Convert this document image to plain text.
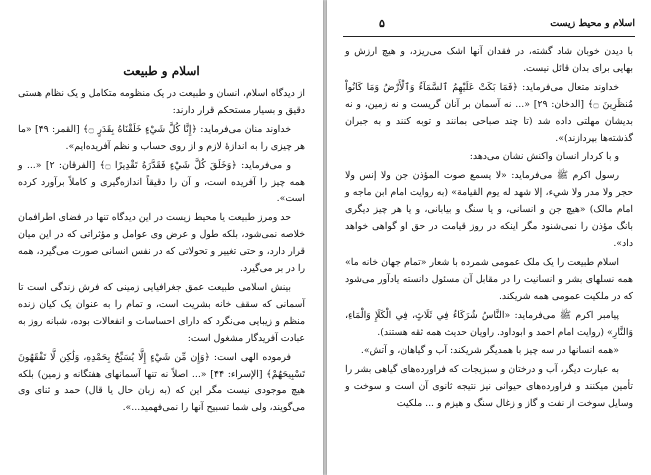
اسلام و طبیعت

از دیدگاه اسلام، انسان و طبیعت در یک منظومه متکامل و یک نظام هستی دقیق و بسیار مستحکم قرار دارند:

خداوند منان می‌فرماید: ﴿إِنَّا كُلَّ شَيْءٍ خَلَقْنَاهُ بِقَدَرٍ ۝﴾ [القمر: ۴۹] «ما هر چیزی را به اندازهٔ لازم و از روی حساب و نظم آفریده‌ایم».

و می‌فرماید: ﴿وَخَلَقَ كُلَّ شَيْءٍ فَقَدَّرَهُ تَقْدِيرًا ۝﴾ [الفرقان: ۲] «... و همه چیز را آفریده است، و آن را دقیقاً اندازه‌گیری و کاملاً برآورد کرده است».

حد ومرز طبیعت یا محیط زیست در این دیدگاه تنها در فضای اطرافمان خلاصه نمی‌شود، بلکه طول و عرض وی عوامل و مؤثراتی که در این میان قرار دارد، و حتی تغییر و تحولاتی که در نفس انسانی صورت می‌گیرد، همه را در بر می‌گیرد.

بینش اسلامی طبیعت عمق جغرافیایی زمینی که فرش زندگی است تا آسمانی که سقف خانه بشریت است، و تمام را به عنوان یک کیان زنده منظم و زیبایی می‌نگرد که دارای احساسات و انفعالات بوده، شبانه روز به عبادت آفریدگار مشغول است:

فرموده الهی است: ﴿وَإِن مِّن شَيْءٍ إِلَّا يُسَبِّحُ بِحَمْدِهِ، وَلَٰكِن لَّا تَفْقَهُونَ تَسْبِيحَهُمْ﴾ [الإسراء: ۴۴] «... اصلاً نه تنها آسمانهای هفتگانه و زمین) بلکه هیچ موجودی نیست مگر این که (به زبان حال یا قال) حمد و ثنای وی می‌گویند، ولی شما تسبیح آنها را نمی‌فهمید...».

اسلام و محیط زیست
۵

با دیدن خوبان شاد گشته، در فقدان آنها اشک می‌ریزد، و هیچ ارزش و بهایی برای بدان قائل نیست.

خداوند متعال می‌فرماید: ﴿فَمَا بَكَتْ عَلَيْهِمُ ٱلسَّمَآءُ وَٱلْأَرْضُ وَمَا كَانُواْ مُنظَرِينَ ۝﴾ [الدخان: ۲۹] «... نه آسمان بر آنان گریست و نه زمین، و نه بدیشان مهلتی داده شد (تا چند صباحی بمانند و توبه کنند و به جبران گذشته‌ها بپردازند)».

و با کردار انسان واکنش نشان می‌دهد:

رسول اکرم ﷺ می‌فرماید: «لا يسمع صوت المؤذن جن ولا إنس ولا حجر ولا مدر ولا شيء، إلا شهد له يوم القيامة» (به روایت امام ابن ماجه و امام مالک) «هیچ جن و انسانی، و یا سنگ و بیابانی، و یا هر چیز دیگری بانگ مؤذن را نمی‌شنود مگر اینکه در روز قیامت در حق او گواهی خواهد داد».

اسلام طبیعت را یک ملک عمومی شمرده با شعار «تمام جهان خانه ما» همه نسلهای بشر و انسانیت را در مقابل آن مسئول دانسته یادآور می‌شود که در ملکیت عمومی همه شریکند.

پیامبر اکرم ﷺ می‌فرماید: «النَّاسُ شُرَكَاءُ فِي ثَلَاثٍ، فِي الْكَلَإِ وَالْمَاءِ، وَالنَّارِ» (روایت امام احمد و ابوداود. راویان حدیث همه ثقه هستند).

«همه انسانها در سه چیز با همدیگر شریکند: آب و گیاهان، و آتش».

به عبارت دیگر، آب و درختان و سبزیجات که فراورده‌های گیاهی بشر را تأمین میکنند و فراورده‌های حیوانی نیز نتیجه ثانوی آن است و سوخت و وسایل سوخت از نفت و گاز و زغال سنگ و هیزم و ... ملکیت
